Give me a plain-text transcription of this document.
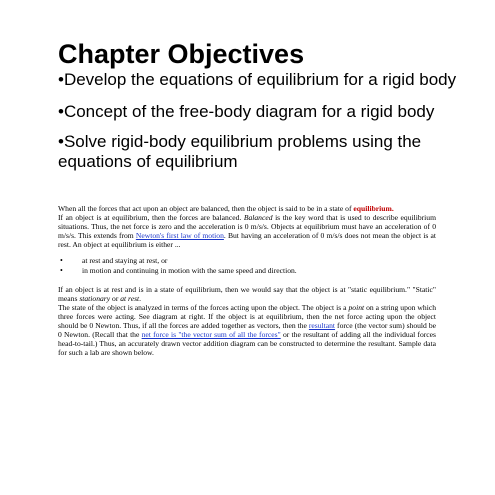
Chapter Objectives
•Develop the equations of equilibrium for a rigid body
•Concept of the free-body diagram for a rigid body
•Solve rigid-body equilibrium problems using the equations of equilibrium

When all the forces that act upon an object are balanced, then the object is said to be in a state of equilibrium.

If an object is at equilibrium, then the forces are balanced. Balanced is the key word that is used to describe equilibrium situations. Thus, the net force is zero and the acceleration is 0 m/s/s. Objects at equilibrium must have an acceleration of 0 m/s/s. This extends from Newton's first law of motion. But having an acceleration of 0 m/s/s does not mean the object is at rest. An object at equilibrium is either ...

• at rest and staying at rest, or
• in motion and continuing in motion with the same speed and direction.

If an object is at rest and is in a state of equilibrium, then we would say that the object is at "static equilibrium." "Static" means stationary or at rest.

The state of the object is analyzed in terms of the forces acting upon the object. The object is a point on a string upon which three forces were acting. See diagram at right. If the object is at equilibrium, then the net force acting upon the object should be 0 Newton. Thus, if all the forces are added together as vectors, then the resultant force (the vector sum) should be 0 Newton. (Recall that the net force is "the vector sum of all the forces" or the resultant of adding all the individual forces head-to-tail.) Thus, an accurately drawn vector addition diagram can be constructed to determine the resultant. Sample data for such a lab are shown below.
